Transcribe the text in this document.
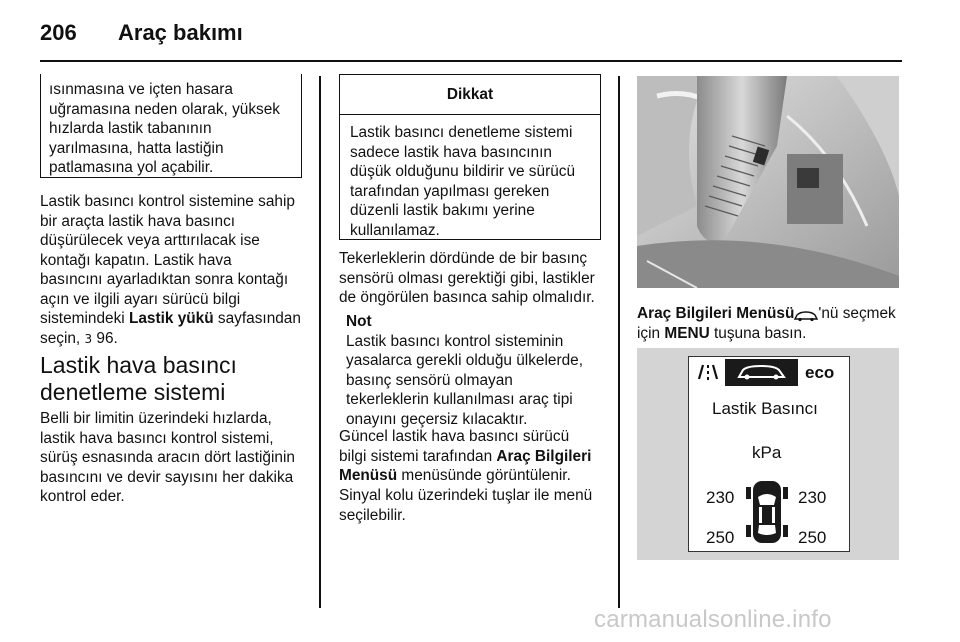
206 Araç bakımı
ısınmasına ve içten hasara
uğramasına neden olarak, yüksek
hızlarda lastik tabanının
yarılmasına, hatta lastiğin
patlamasına yol açabilir.

Lastik basıncı kontrol sistemine sahip
bir araçta lastik hava basıncı
düşürülecek veya arttırılacak ise
kontağı kapatın. Lastik hava
basıncını ayarladıktan sonra kontağı
açın ve ilgili ayarı sürücü bilgi
sistemindeki Lastik yükü sayfasından
seçin, 3 96.

Lastik hava basıncı
denetleme sistemi

Belli bir limitin üzerindeki hızlarda,
lastik hava basıncı kontrol sistemi,
sürüş esnasında aracın dört lastiğinin
basıncını ve devir sayısını her dakika
kontrol eder.

Dikkat
Lastik basıncı denetleme sistemi
sadece lastik hava basıncının
düşük olduğunu bildirir ve sürücü
tarafından yapılması gereken
düzenli lastik bakımı yerine
kullanılamaz.

Tekerleklerin dördünde de bir basınç
sensörü olması gerektiği gibi, lastikler
de öngörülen basınca sahip olmalıdır.

Not
Lastik basıncı kontrol sisteminin
yasalarca gerekli olduğu ülkelerde,
basınç sensörü olmayan
tekerleklerin kullanılması araç tipi
onayını geçersiz kılacaktır.

Güncel lastik hava basıncı sürücü
bilgi sistemi tarafından Araç Bilgileri
Menüsü menüsünde görüntülenir.

Sinyal kolu üzerindeki tuşlar ile menü
seçilebilir.

Araç Bilgileri Menüsü 'nü seçmek
için MENU tuşuna basın.

eco
Lastik Basıncı
kPa
230	230
250	250
carmanualsonline.info
